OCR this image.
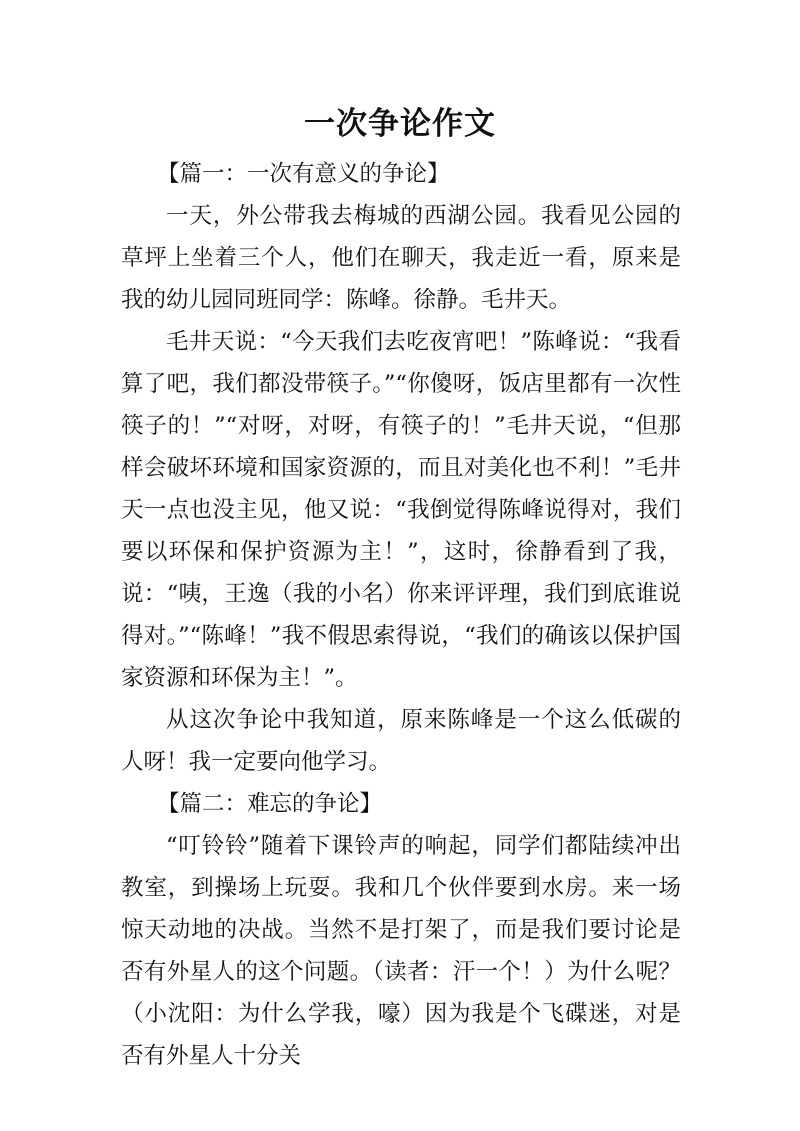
一次争论作文

【篇一：一次有意义的争论】

一天，外公带我去梅城的西湖公园。我看见公园的草坪上坐着三个人，他们在聊天，我走近一看，原来是我的幼儿园同班同学：陈峰。徐静。毛井天。

毛井天说：“今天我们去吃夜宵吧！”陈峰说：“我看算了吧，我们都没带筷子。”“你傻呀，饭店里都有一次性筷子的！”“对呀，对呀，有筷子的！”毛井天说，“但那样会破坏环境和国家资源的，而且对美化也不利！”毛井天一点也没主见，他又说：“我倒觉得陈峰说得对，我们要以环保和保护资源为主！”，这时，徐静看到了我，说：“咦，王逸（我的小名）你来评评理，我们到底谁说得对。”“陈峰！”我不假思索得说，“我们的确该以保护国家资源和环保为主！”。

从这次争论中我知道，原来陈峰是一个这么低碳的人呀！我一定要向他学习。

【篇二：难忘的争论】

“叮铃铃”随着下课铃声的响起，同学们都陆续冲出教室，到操场上玩耍。我和几个伙伴要到水房。来一场惊天动地的决战。当然不是打架了，而是我们要讨论是否有外星人的这个问题。（读者：汗一个！）为什么呢？（小沈阳：为什么学我，嚎）因为我是个飞碟迷，对是否有外星人十分关
